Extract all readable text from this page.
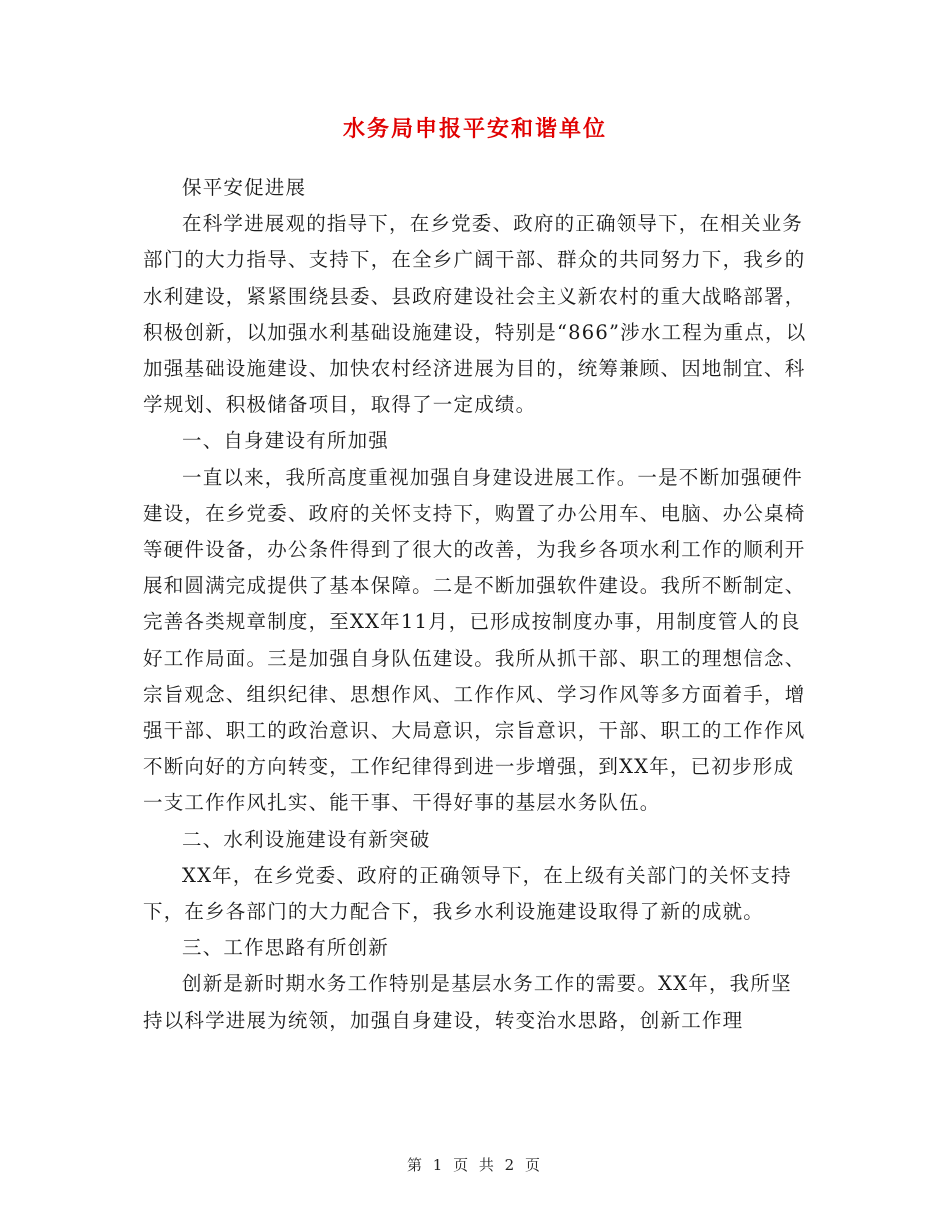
水务局申报平安和谐单位

保平安促进展

在科学进展观的指导下，在乡党委、政府的正确领导下，在相关业务部门的大力指导、支持下，在全乡广阔干部、群众的共同努力下，我乡的水利建设，紧紧围绕县委、县政府建设社会主义新农村的重大战略部署，积极创新，以加强水利基础设施建设，特别是“866”涉水工程为重点，以加强基础设施建设、加快农村经济进展为目的，统筹兼顾、因地制宜、科学规划、积极储备项目，取得了一定成绩。

一、自身建设有所加强

一直以来，我所高度重视加强自身建设进展工作。一是不断加强硬件建设，在乡党委、政府的关怀支持下，购置了办公用车、电脑、办公桌椅等硬件设备，办公条件得到了很大的改善，为我乡各项水利工作的顺利开展和圆满完成提供了基本保障。二是不断加强软件建设。我所不断制定、完善各类规章制度，至XX年11月，已形成按制度办事，用制度管人的良好工作局面。三是加强自身队伍建设。我所从抓干部、职工的理想信念、宗旨观念、组织纪律、思想作风、工作作风、学习作风等多方面着手，增强干部、职工的政治意识、大局意识，宗旨意识，干部、职工的工作作风不断向好的方向转变，工作纪律得到进一步增强，到XX年，已初步形成一支工作作风扎实、能干事、干得好事的基层水务队伍。

二、水利设施建设有新突破

XX年，在乡党委、政府的正确领导下，在上级有关部门的关怀支持下，在乡各部门的大力配合下，我乡水利设施建设取得了新的成就。

三、工作思路有所创新

创新是新时期水务工作特别是基层水务工作的需要。XX年，我所坚持以科学进展为统领，加强自身建设，转变治水思路，创新工作理

第 1 页 共 2 页
